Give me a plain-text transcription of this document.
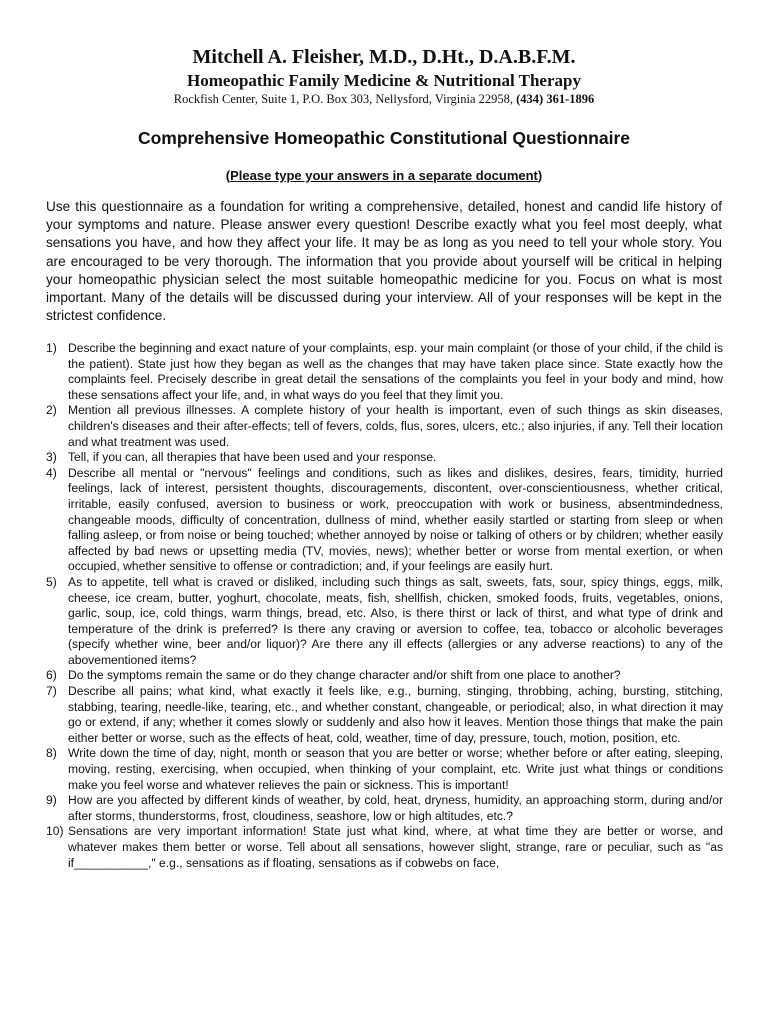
Mitchell A. Fleisher, M.D., D.Ht., D.A.B.F.M.
Homeopathic Family Medicine & Nutritional Therapy
Rockfish Center, Suite 1, P.O. Box 303, Nellysford, Virginia 22958, (434) 361-1896
Comprehensive Homeopathic Constitutional Questionnaire
(Please type your answers in a separate document)

Use this questionnaire as a foundation for writing a comprehensive, detailed, honest and candid life history of your symptoms and nature. Please answer every question! Describe exactly what you feel most deeply, what sensations you have, and how they affect your life. It may be as long as you need to tell your whole story. You are encouraged to be very thorough. The information that you provide about yourself will be critical in helping your homeopathic physician select the most suitable homeopathic medicine for you. Focus on what is most important. Many of the details will be discussed during your interview. All of your responses will be kept in the strictest confidence.

1) Describe the beginning and exact nature of your complaints, esp. your main complaint (or those of your child, if the child is the patient). State just how they began as well as the changes that may have taken place since. State exactly how the complaints feel. Precisely describe in great detail the sensations of the complaints you feel in your body and mind, how these sensations affect your life, and, in what ways do you feel that they limit you.
2) Mention all previous illnesses. A complete history of your health is important, even of such things as skin diseases, children's diseases and their after-effects; tell of fevers, colds, flus, sores, ulcers, etc.; also injuries, if any. Tell their location and what treatment was used.
3) Tell, if you can, all therapies that have been used and your response.
4) Describe all mental or "nervous" feelings and conditions, such as likes and dislikes, desires, fears, timidity, hurried feelings, lack of interest, persistent thoughts, discouragements, discontent, over-conscientiousness, whether critical, irritable, easily confused, aversion to business or work, preoccupation with work or business, absentmindedness, changeable moods, difficulty of concentration, dullness of mind, whether easily startled or starting from sleep or when falling asleep, or from noise or being touched; whether annoyed by noise or talking of others or by children; whether easily affected by bad news or upsetting media (TV, movies, news); whether better or worse from mental exertion, or when occupied, whether sensitive to offense or contradiction; and, if your feelings are easily hurt.
5) As to appetite, tell what is craved or disliked, including such things as salt, sweets, fats, sour, spicy things, eggs, milk, cheese, ice cream, butter, yoghurt, chocolate, meats, fish, shellfish, chicken, smoked foods, fruits, vegetables, onions, garlic, soup, ice, cold things, warm things, bread, etc. Also, is there thirst or lack of thirst, and what type of drink and temperature of the drink is preferred? Is there any craving or aversion to coffee, tea, tobacco or alcoholic beverages (specify whether wine, beer and/or liquor)? Are there any ill effects (allergies or any adverse reactions) to any of the abovementioned items?
6) Do the symptoms remain the same or do they change character and/or shift from one place to another?
7) Describe all pains; what kind, what exactly it feels like, e.g., burning, stinging, throbbing, aching, bursting, stitching, stabbing, tearing, needle-like, tearing, etc., and whether constant, changeable, or periodical; also, in what direction it may go or extend, if any; whether it comes slowly or suddenly and also how it leaves. Mention those things that make the pain either better or worse, such as the effects of heat, cold, weather, time of day, pressure, touch, motion, position, etc.
8) Write down the time of day, night, month or season that you are better or worse; whether before or after eating, sleeping, moving, resting, exercising, when occupied, when thinking of your complaint, etc. Write just what things or conditions make you feel worse and whatever relieves the pain or sickness. This is important!
9) How are you affected by different kinds of weather, by cold, heat, dryness, humidity, an approaching storm, during and/or after storms, thunderstorms, frost, cloudiness, seashore, low or high altitudes, etc.?
10) Sensations are very important information! State just what kind, where, at what time they are better or worse, and whatever makes them better or worse. Tell about all sensations, however slight, strange, rare or peculiar, such as "as if___________," e.g., sensations as if floating, sensations as if cobwebs on face,
